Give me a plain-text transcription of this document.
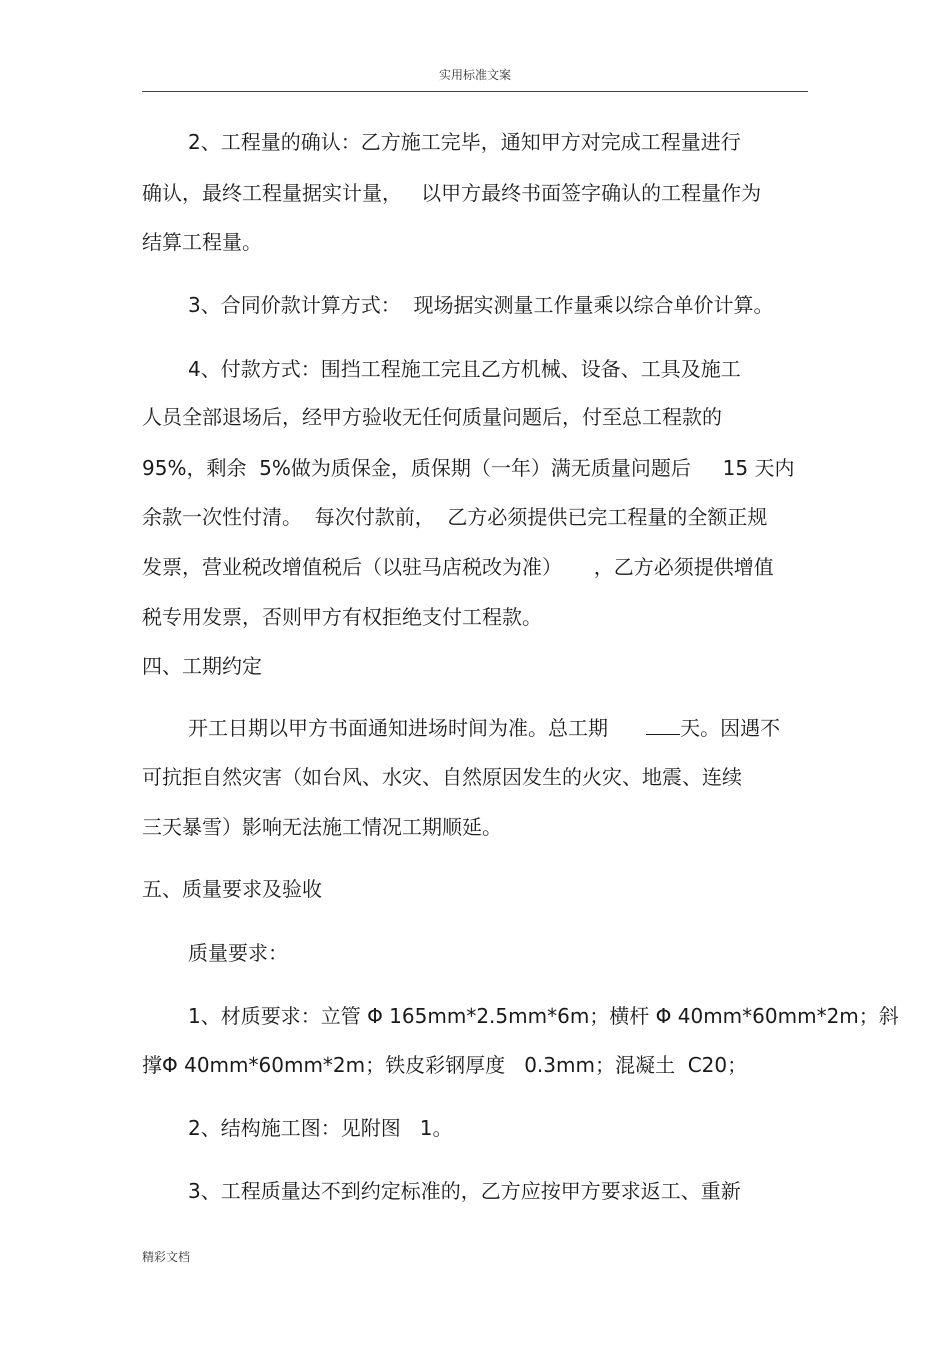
实用标准文案
2、工程量的确认：乙方施工完毕，通知甲方对完成工程量进行
确认，最终工程量据实计量，   以甲方最终书面签字确认的工程量作为
结算工程量。
3、合同价款计算方式：  现场据实测量工作量乘以综合单价计算。
4、付款方式：围挡工程施工完且乙方机械、设备、工具及施工
人员全部退场后，经甲方验收无任何质量问题后，付至总工程款的
95%，剩余  5%做为质保金，质保期（一年）满无质量问题后     15 天内
余款一次性付清。  每次付款前，  乙方必须提供已完工程量的全额正规
发票，营业税改增值税后（以驻马店税改为准）     ，乙方必须提供增值
税专用发票，否则甲方有权拒绝支付工程款。
四、工期约定
开工日期以甲方书面通知进场时间为准。总工期	天。因遇不
可抗拒自然灾害（如台风、水灾、自然原因发生的火灾、地震、连续
三天暴雪）影响无法施工情况工期顺延。
五、质量要求及验收
质量要求：
1、材质要求：立管 Φ 165mm*2.5mm*6m；横杆 Φ 40mm*60mm*2m；斜
撑Φ 40mm*60mm*2m；铁皮彩钢厚度   0.3mm；混凝土  C20；
2、结构施工图：见附图   1。
3、工程质量达不到约定标准的，乙方应按甲方要求返工、重新
精彩文档
